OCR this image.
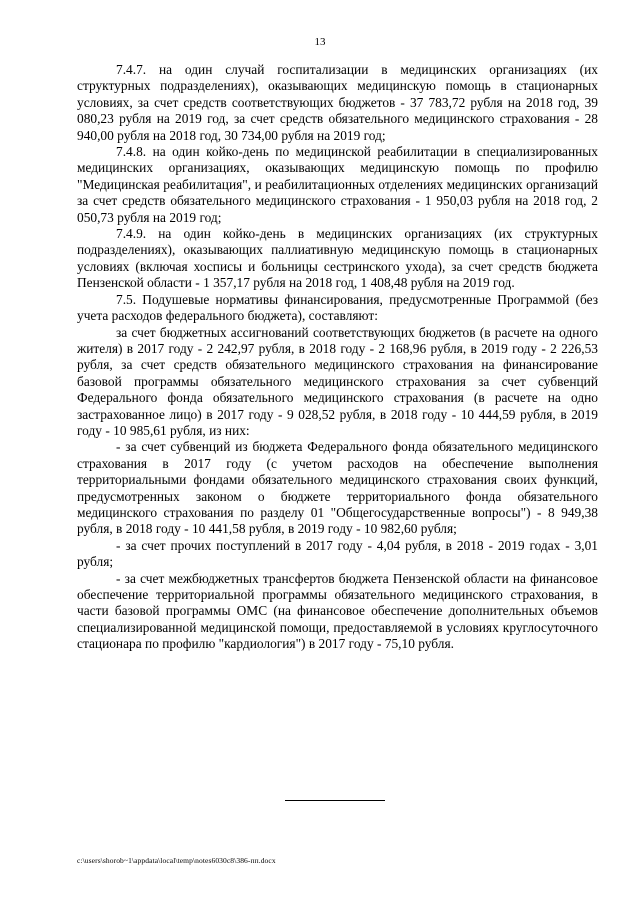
13

7.4.7. на один случай госпитализации в медицинских организациях (их структурных подразделениях), оказывающих медицинскую помощь в стационарных условиях, за счет средств соответствующих бюджетов - 37 783,72 рубля на 2018 год, 39 080,23 рубля на 2019 год, за счет средств обязательного медицинского страхования - 28 940,00 рубля на 2018 год, 30 734,00 рубля на 2019 год;

7.4.8. на один койко-день по медицинской реабилитации в специализированных медицинских организациях, оказывающих медицинскую помощь по профилю "Медицинская реабилитация", и реабилитационных отделениях медицинских организаций за счет средств обязательного медицинского страхования - 1 950,03 рубля на 2018 год, 2 050,73 рубля на 2019 год;

7.4.9. на один койко-день в медицинских организациях (их структурных подразделениях), оказывающих паллиативную медицинскую помощь в стационарных условиях (включая хосписы и больницы сестринского ухода), за счет средств бюджета Пензенской области - 1 357,17 рубля на 2018 год, 1 408,48 рубля на 2019 год.

7.5. Подушевые нормативы финансирования, предусмотренные Программой (без учета расходов федерального бюджета), составляют:

за счет бюджетных ассигнований соответствующих бюджетов (в расчете на одного жителя) в 2017 году - 2 242,97 рубля, в 2018 году - 2 168,96 рубля, в 2019 году - 2 226,53 рубля, за счет средств обязательного медицинского страхования на финансирование базовой программы обязательного медицинского страхования за счет субвенций Федерального фонда обязательного медицинского страхования (в расчете на одно застрахованное лицо) в 2017 году - 9 028,52 рубля, в 2018 году - 10 444,59 рубля, в 2019 году - 10 985,61 рубля, из них:

- за счет субвенций из бюджета Федерального фонда обязательного медицинского страхования в 2017 году (с учетом расходов на обеспечение выполнения территориальными фондами обязательного медицинского страхования своих функций, предусмотренных законом о бюджете территориального фонда обязательного медицинского страхования по разделу 01 "Общегосударственные вопросы") - 8 949,38 рубля, в 2018 году - 10 441,58 рубля, в 2019 году - 10 982,60 рубля;

- за счет прочих поступлений в 2017 году - 4,04 рубля, в 2018 - 2019 годах - 3,01 рубля;

- за счет межбюджетных трансфертов бюджета Пензенской области на финансовое обеспечение территориальной программы обязательного медицинского страхования, в части базовой программы ОМС (на финансовое обеспечение дополнительных объемов специализированной медицинской помощи, предоставляемой в условиях круглосуточного стационара по профилю "кардиология") в 2017 году - 75,10 рубля.

c:\users\shorob~1\appdata\local\temp\notes6030c8\386-пп.docx
